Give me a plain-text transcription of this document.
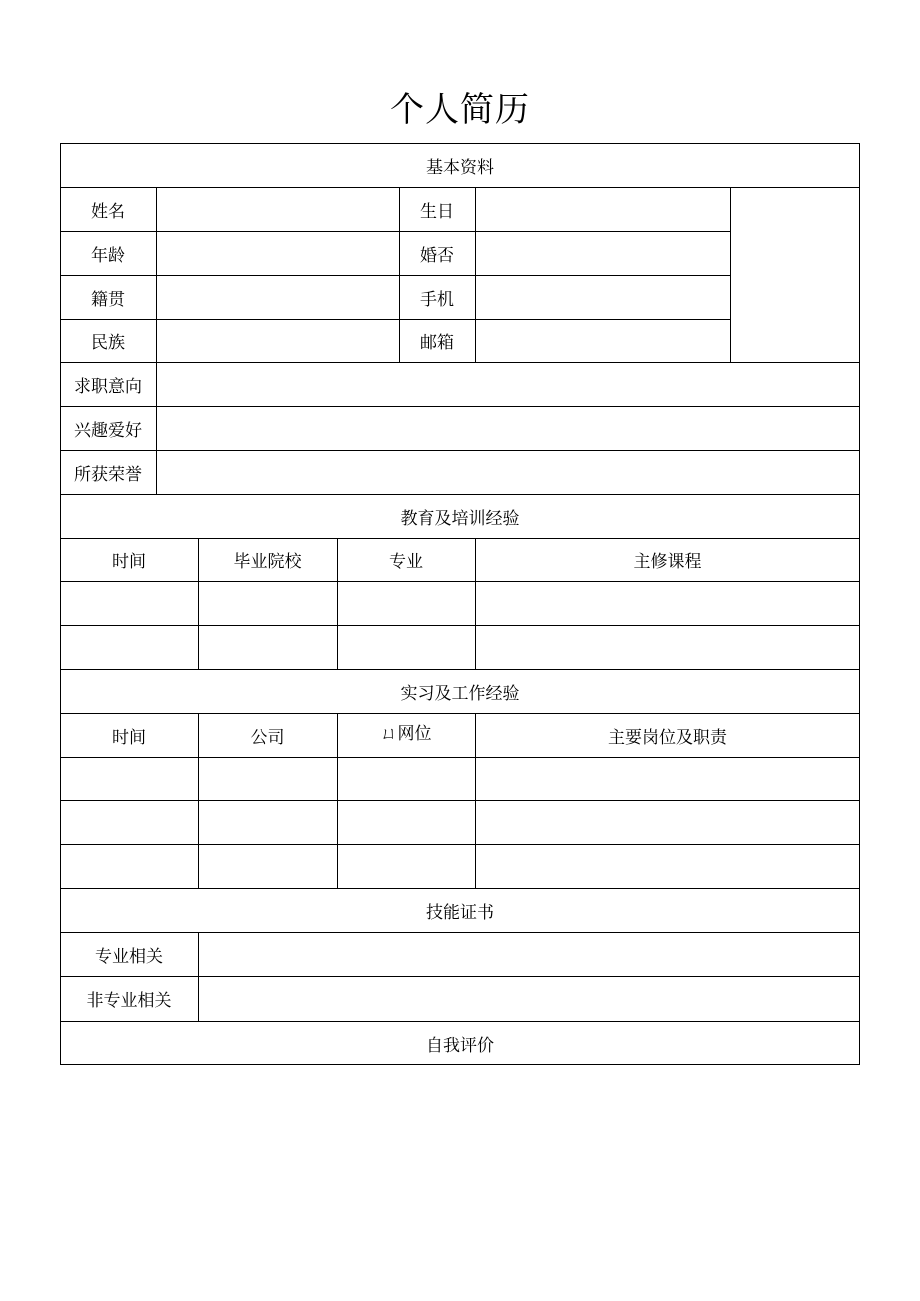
个人简历
基本资料
教育及培训经验
实习及工作经验
技能证书
自我评价
姓名	生日
年龄	婚否
籍贯	手机
民族	邮箱
求职意向
兴趣爱好
所获荣誉
时间	毕业院校	专业	主修课程
时间	公司	ㄩ网位	主要岗位及职责
专业相关
非专业相关
